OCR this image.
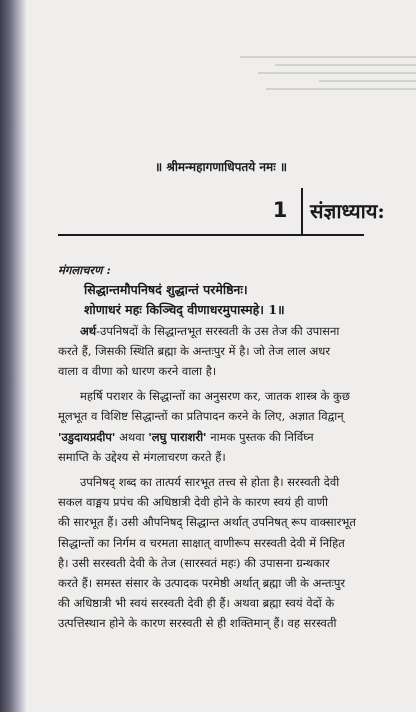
॥ श्रीमन्महागणाधिपतये नमः ॥
1	संज्ञाध्याय:
मंगलाचरण :
सिद्धान्तमौपनिषदं शुद्धान्तं परमेष्ठिनः।
शोणाधरं महः किञ्चिद् वीणाधरमुपास्महे। 1॥
अर्थ-उपनिषदों के सिद्धान्तभूत सरस्वती के उस तेज की उपासना
करते हैं, जिसकी स्थिति ब्रह्मा के अन्तःपुर में है। जो तेज लाल अधर
वाला व वीणा को धारण करने वाला है।
महर्षि पराशर के सिद्धान्तों का अनुसरण कर, जातक शास्त्र के कुछ
मूलभूत व विशिष्ट सिद्धान्तों का प्रतिपादन करने के लिए, अज्ञात विद्वान्
'उडुदायप्रदीप' अथवा 'लघु पाराशरी' नामक पुस्तक की निर्विघ्न
समाप्ति के उद्देश्य से मंगलाचरण करते हैं।
उपनिषद् शब्द का तात्पर्य सारभूत तत्त्व से होता है। सरस्वती देवी
सकल वाङ्मय प्रपंच की अधिष्ठात्री देवी होने के कारण स्वयं ही वाणी
की सारभूत हैं। उसी औपनिषद् सिद्धान्त अर्थात् उपनिषत् रूप वाक्सारभूत
सिद्धान्तों का निर्गम व चरमता साक्षात् वाणीरूप सरस्वती देवी में निहित
है। उसी सरस्वती देवी के तेज (सारस्वतं महः) की उपासना ग्रन्थकार
करते हैं। समस्त संसार के उत्पादक परमेष्ठी अर्थात् ब्रह्मा जी के अन्तःपुर
की अधिष्ठात्री भी स्वयं सरस्वती देवी ही हैं। अथवा ब्रह्मा स्वयं वेदों के
उत्पत्तिस्थान होने के कारण सरस्वती से ही शक्तिमान् हैं। वह सरस्वती
